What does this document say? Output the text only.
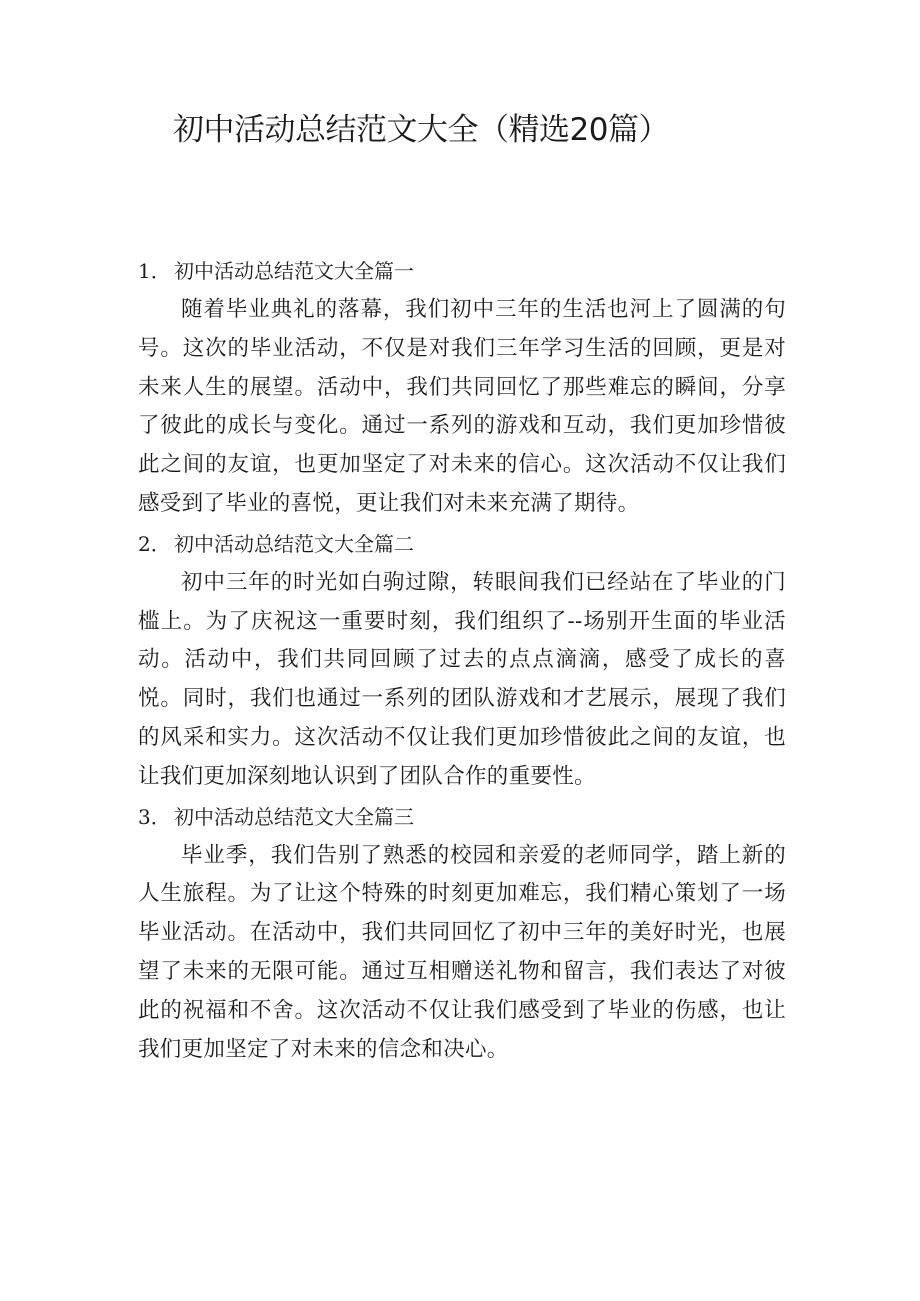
初中活动总结范文大全（精选20篇）
1． 初中活动总结范文大全篇一

随着毕业典礼的落幕，我们初中三年的生活也河上了圆满的句号。这次的毕业活动，不仅是对我们三年学习生活的回顾，更是对未来人生的展望。活动中，我们共同回忆了那些难忘的瞬间，分享了彼此的成长与变化。通过一系列的游戏和互动，我们更加珍惜彼此之间的友谊，也更加坚定了对未来的信心。这次活动不仅让我们感受到了毕业的喜悦，更让我们对未来充满了期待。

2． 初中活动总结范文大全篇二

初中三年的时光如白驹过隙，转眼间我们已经站在了毕业的门槛上。为了庆祝这一重要时刻，我们组织了--场别开生面的毕业活动。活动中，我们共同回顾了过去的点点滴滴，感受了成长的喜悦。同时，我们也通过一系列的团队游戏和才艺展示，展现了我们的风采和实力。这次活动不仅让我们更加珍惜彼此之间的友谊，也让我们更加深刻地认识到了团队合作的重要性。

3． 初中活动总结范文大全篇三

毕业季，我们告别了熟悉的校园和亲爱的老师同学，踏上新的人生旅程。为了让这个特殊的时刻更加难忘，我们精心策划了一场毕业活动。在活动中，我们共同回忆了初中三年的美好时光，也展望了未来的无限可能。通过互相赠送礼物和留言，我们表达了对彼此的祝福和不舍。这次活动不仅让我们感受到了毕业的伤感，也让我们更加坚定了对未来的信念和决心。
